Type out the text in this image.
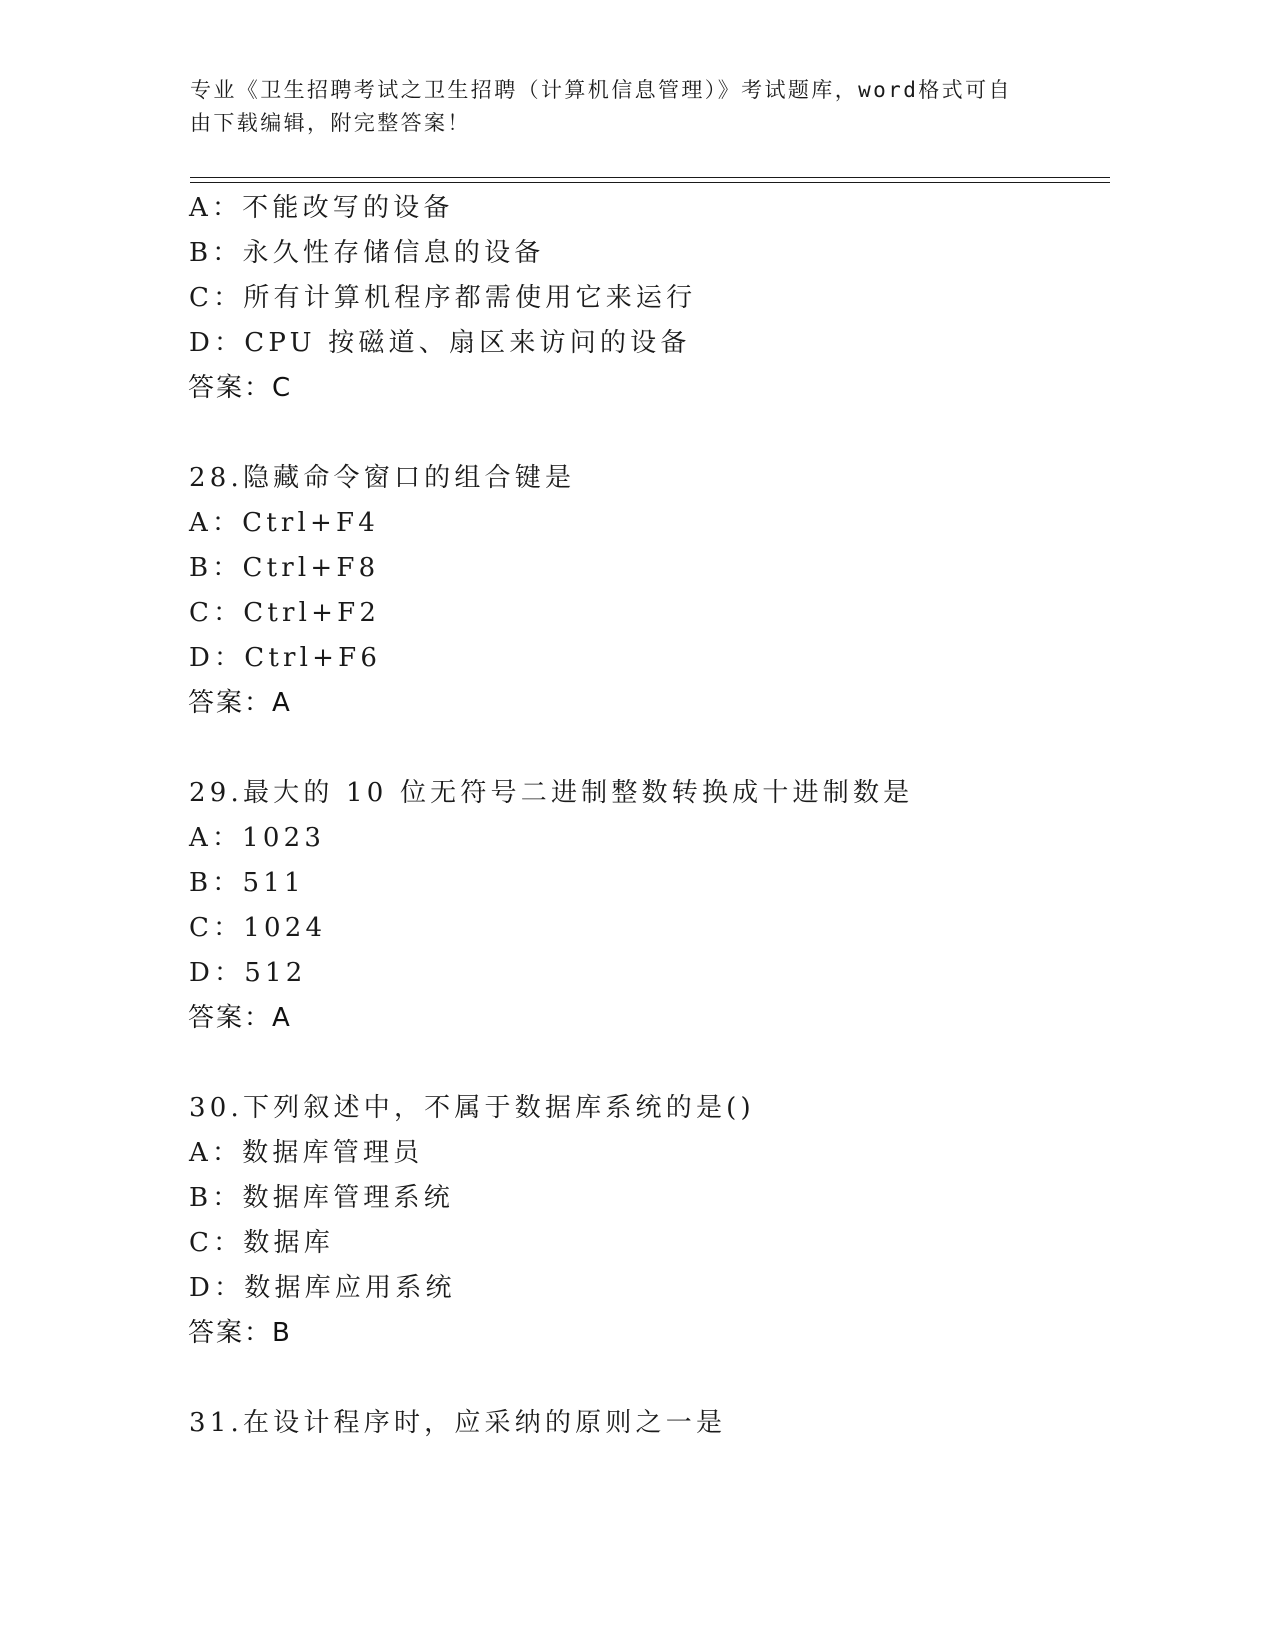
专业《卫生招聘考试之卫生招聘（计算机信息管理）》考试题库，word格式可自
由下载编辑，附完整答案！
A：不能改写的设备
B：永久性存储信息的设备
C：所有计算机程序都需使用它来运行
D：CPU 按磁道、扇区来访问的设备
答案：C
28.隐藏命令窗口的组合键是
A：Ctrl+F4
B：Ctrl+F8
C：Ctrl+F2
D：Ctrl+F6
答案：A
29.最大的 10 位无符号二进制整数转换成十进制数是
A：1023
B：511
C：1024
D：512
答案：A
30.下列叙述中，不属于数据库系统的是()
A：数据库管理员
B：数据库管理系统
C：数据库
D：数据库应用系统
答案：B
31.在设计程序时，应采纳的原则之一是
